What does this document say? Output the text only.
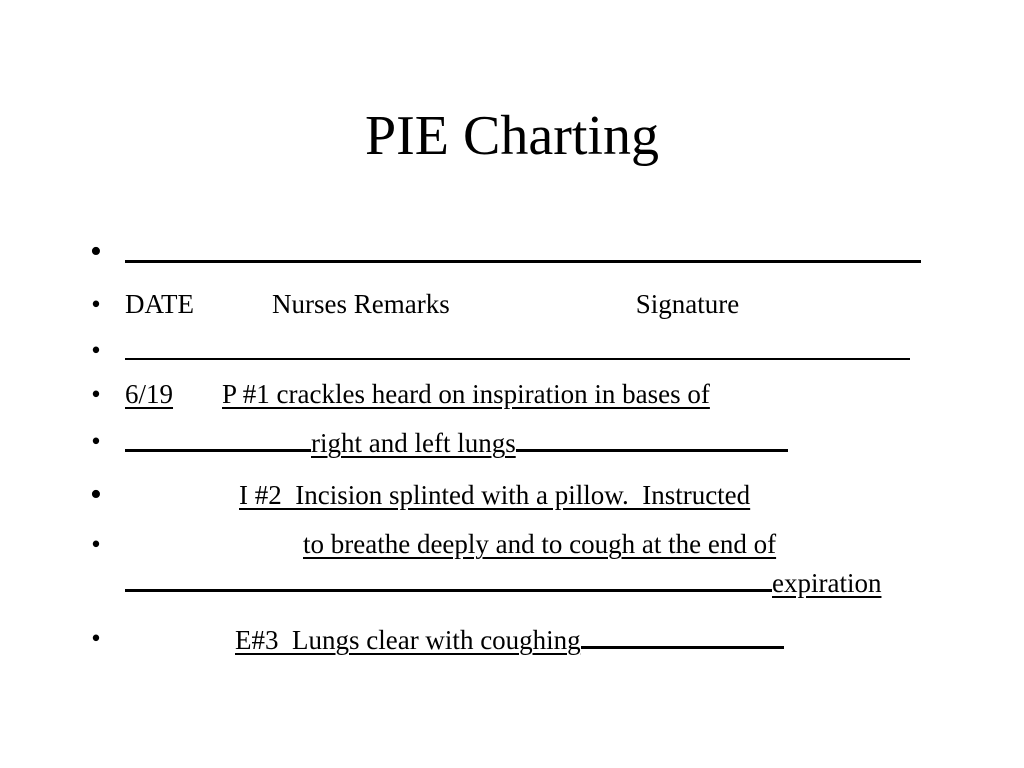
PIE Charting
•
• DATE	Nurses Remarks	Signature
•
• 6/19 P #1 crackles heard on inspiration in bases of
•	right and left lungs
•	I #2  Incision splinted with a pillow.  Instructed
•	to breathe deeply and to cough at the end of
expiration
•	E#3  Lungs clear with coughing
